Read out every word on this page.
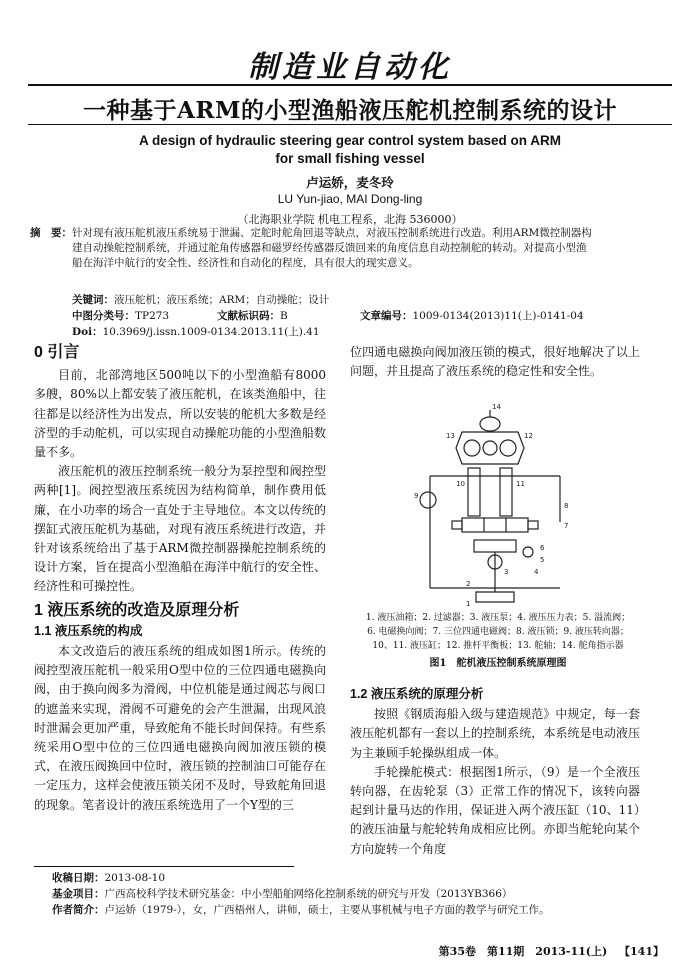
制造业自动化
一种基于ARM的小型渔船液压舵机控制系统的设计
A design of hydraulic steering gear control system based on ARM
for small fishing vessel
卢运娇，麦冬玲
LU Yun-jiao, MAI Dong-ling
（北海职业学院 机电工程系，北海 536000）
摘　要： 针对现有液压舵机液压系统易于泄漏、定舵时舵角回退等缺点，对液压控制系统进行改造。利用ARM微控制器构建自动操舵控制系统，并通过舵角传感器和磁罗经传感器反馈回来的角度信息自动控制舵的转动。对提高小型渔船在海洋中航行的安全性、经济性和自动化的程度，具有很大的现实意义。
关键词：液压舵机；液压系统；ARM；自动操舵；设计
中图分类号：TP273	文献标识码：B	文章编号：1009-0134(2013)11(上)-0141-04
Doi：10.3969/j.issn.1009-0134.2013.11(上).41
0 引言

目前，北部湾地区500吨以下的小型渔船有8000多艘，80%以上都安装了液压舵机，在该类渔船中，往往都是以经济性为出发点，所以安装的舵机大多数是经济型的手动舵机，可以实现自动操舵功能的小型渔船数量不多。

液压舵机的液压控制系统一般分为泵控型和阀控型两种[1]。阀控型液压系统因为结构简单，制作费用低廉，在小功率的场合一直处于主导地位。本文以传统的摆缸式液压舵机为基础，对现有液压系统进行改造，并针对该系统给出了基于ARM微控制器操舵控制系统的设计方案，旨在提高小型渔船在海洋中航行的安全性、经济性和可操控性。

1 液压系统的改造及原理分析
1.1 液压系统的构成

本文改造后的液压系统的组成如图1所示。传统的阀控型液压舵机一般采用O型中位的三位四通电磁换向阀，由于换向阀多为滑阀，中位机能是通过阀芯与阀口的遮盖来实现，滑阀不可避免的会产生泄漏，出现风浪时泄漏会更加严重，导致舵角不能长时间保持。有些系统采用O型中位的三位四通电磁换向阀加液压锁的模式，在液压阀换回中位时，液压锁的控制油口可能存在一定压力，这样会使液压锁关闭不及时，导致舵角回退的现象。笔者设计的液压系统选用了一个Y型的三

位四通电磁换向阀加液压锁的模式，很好地解决了以上问题，并且提高了液压系统的稳定性和安全性。

14
13	12
10	11
9
8
7
6
5
4
3
2
1
1. 液压油箱；2. 过滤器；3. 液压泵；4. 液压压力表；5. 溢流阀；
6. 电磁换向阀；7. 三位四通电磁阀；8. 液压锁；9. 液压转向器；
10、11. 液压缸；12. 推杆平衡板；13. 舵轴；14. 舵角指示器
图1　舵机液压控制系统原理图
1.2 液压系统的原理分析

按照《钢质海船入级与建造规范》中规定，每一套液压舵机都有一套以上的控制系统，本系统是电动液压为主兼顾手轮操纵组成一体。

手轮操舵模式：根据图1所示，（9）是一个全液压转向器，在齿轮泵（3）正常工作的情况下，该转向器起到计量马达的作用，保证进入两个液压缸（10、11）的液压油量与舵轮转角成相应比例。亦即当舵轮向某个方向旋转一个角度

收稿日期：2013-08-10
基金项目：广西高校科学技术研究基金：中小型船舶网络化控制系统的研究与开发（2013YB366）
作者简介：卢运娇（1979-），女，广西梧州人，讲师，硕士，主要从事机械与电子方面的教学与研究工作。
第35卷　第11期　2013-11(上) 【141】
